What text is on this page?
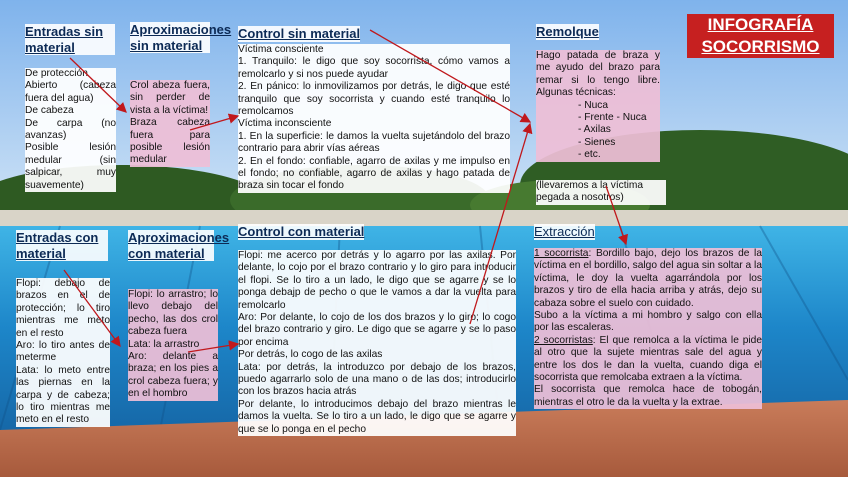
INFOGRAFÍA
SOCORRISMO
Entradas sin material
De protección
Abierto (cabeza fuera del agua)
De cabeza
De carpa (no avanzas)
Posible lesión medular (sin salpicar, muy suavemente)
Aproximaciones sin material
Crol abeza fuera, sin perder de vista a la víctima!
Braza cabeza fuera para posible lesión medular
Control sin material
Víctima consciente
1. Tranquilo: le digo que soy socorrista, cómo vamos a remolcarlo y si nos puede ayudar
2. En pánico: lo inmovilizamos por detrás, le digo que esté tranquilo que soy socorrista y cuando esté tranquilo lo remolcamos
Víctima inconsciente
1. En la superficie: le damos la vuelta sujetándolo del brazo contrario para abrir vías aéreas
2. En el fondo: confiable, agarro de axilas y me impulso en el fondo; no confiable, agarro de axilas y hago patada de braza sin tocar el fondo
Remolque
Hago patada de braza y me ayudo del brazo para remar si lo tengo libre. Algunas técnicas:
- Nuca
- Frente - Nuca
- Axilas
- Sienes
- etc.
(llevaremos a la víctima pegada a nosotros)
Entradas con material
Flopi: debajo de brazos en el de protección; lo tiro mientras me meto en el resto
Aro: lo tiro antes de meterme
Lata: lo meto entre las piernas en la carpa y de cabeza; lo tiro mientras me meto en el resto
Aproximaciones con material
Flopi: lo arrastro; lo llevo debajo del pecho, las dos crol cabeza fuera
Lata: la arrastro
Aro: delante a braza; en los pies a crol cabeza fuera; y en el hombro
Control con material
Flopi: me acerco por detrás y lo agarro por las axilas. Por delante, lo cojo por el brazo contrario y lo giro para introducir el flopi. Se lo tiro a un lado, le digo que se agarre y se lo ponga debajp de pecho o que le vamos a dar la vuelta para remolcarlo
Aro: Por delante, lo cojo de los dos brazos y lo giro; lo cogo del brazo contrario y giro. Le digo que se agarre y se lo paso por encima
Por detrás, lo cogo de las axilas
Lata: por detrás, la introduzco por debajo de los brazos, puedo agarrarlo solo de una mano o de las dos; introducirlo con los brazos hacia atrás
Por delante, lo introducimos debajo del brazo mientras le damos la vuelta. Se lo tiro a un lado, le digo que se agarre y que se lo ponga en el pecho
Extracción
1 socorrista: Bordillo bajo, dejo los brazos de la víctima en el bordillo, salgo del agua sin soltar a la víctima, le doy la vuelta agarrándola por los brazos y tiro de ella hacia arriba y atrás, dejo su cabaza sobre el suelo con cuidado.
Subo a la víctima a mi hombro y salgo con ella por las escaleras.
2 socorristas: El que remolca a la víctima le pide al otro que la sujete mientras sale del agua y entre los dos le dan la vuelta, cuando diga el socorrista que remolcaba extraen a la víctima.
El socorrista que remolca hace de tobogán, mientras el otro le da la vuelta y la extrae.
